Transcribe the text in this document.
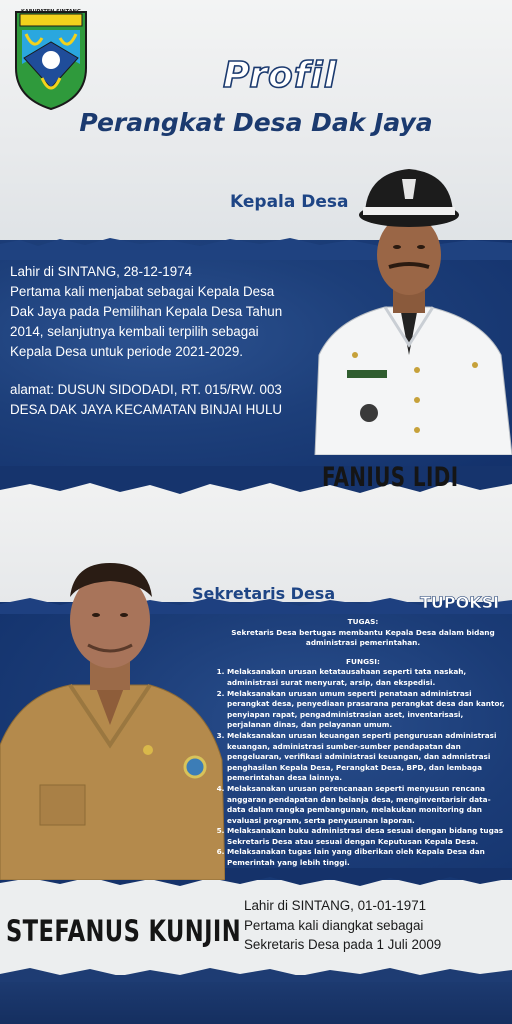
KABUPATEN SINTANG
Profil
Perangkat Desa Dak Jaya
Kepala Desa

Lahir di SINTANG, 28-12-1974

Pertama kali menjabat sebagai Kepala Desa

Dak Jaya pada Pemilihan Kepala Desa Tahun

2014, selanjutnya kembali terpilih sebagai

Kepala Desa untuk periode 2021-2029.

alamat: DUSUN SIDODADI, RT. 015/RW. 003

DESA DAK JAYA KECAMATAN BINJAI HULU

FANIUS LIDI
Sekretaris Desa	TUPOKSI
TUGAS:
Sekretaris Desa bertugas membantu Kepala Desa dalam bidang administrasi pemerintahan.
FUNGSI:
1. Melaksanakan urusan ketatausahaan seperti tata naskah, administrasi surat menyurat, arsip, dan ekspedisi.
2. Melaksanakan urusan umum seperti penataan administrasi perangkat desa, penyediaan prasarana perangkat desa dan kantor, penyiapan rapat, pengadministrasian aset, inventarisasi, perjalanan dinas, dan pelayanan umum.
3. Melaksanakan urusan keuangan seperti pengurusan administrasi keuangan, administrasi sumber-sumber pendapatan dan pengeluaran, verifikasi administrasi keuangan, dan admnistrasi penghasilan Kepala Desa, Perangkat Desa, BPD, dan lembaga pemerintahan desa lainnya.
4. Melaksanakan urusan perencanaan seperti menyusun rencana anggaran pendapatan dan belanja desa, menginventarisir data-data dalam rangka pembangunan, melakukan monitoring dan evaluasi program, serta penyusunan laporan.
5. Melaksanakan buku administrasi desa sesuai dengan bidang tugas Sekretaris Desa atau sesuai dengan Keputusan Kepala Desa.
6. Melaksanakan tugas lain yang diberikan oleh Kepala Desa dan Pemerintah yang lebih tinggi.
STEFANUS KUNJIN

Lahir di SINTANG, 01-01-1971

Pertama kali diangkat sebagai

Sekretaris Desa pada 1 Juli 2009
